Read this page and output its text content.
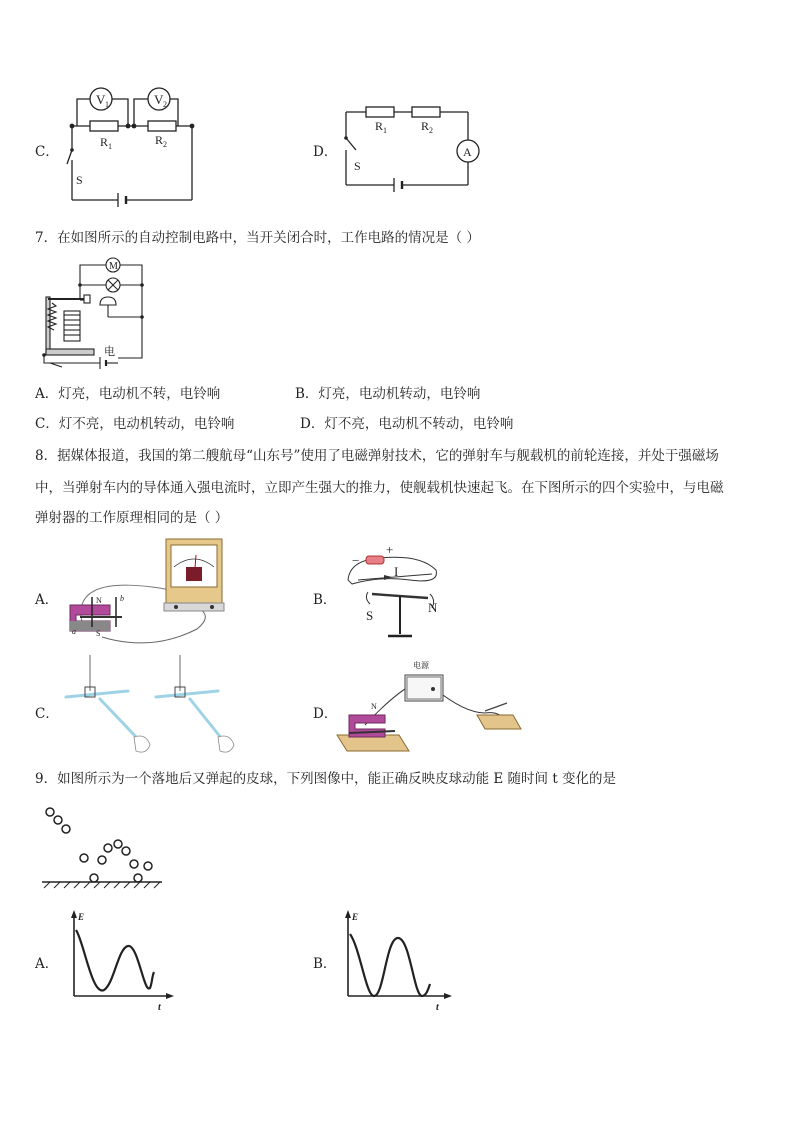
C．
V 1	V 2
R 1	R 2
S
D．
R 1	R 2
A
S
7．在如图所示的自动控制电路中，当开关闭合时，工作电路的情况是（ ）
M
电
A．灯亮，电动机不转，电铃响	B．灯亮，电动机转动，电铃响
C．灯不亮，电动机转动，电铃响	D．灯不亮，电动机不转动，电铃响
8．据媒体报道，我国的第二艘航母“山东号”使用了电磁弹射技术，它的弹射车与舰载机的前轮连接，并处于强磁场
中，当弹射车内的导体通入强电流时，立即产生强大的推力，使舰载机快速起飞。在下图所示的四个实验中，与电磁
弹射器的工作原理相同的是（ ）
A．	N
S
a
b	B．
−
+
I
S
N
C．	D．	N
电源
9．如图所示为一个落地后又弹起的皮球，下列图像中，能正确反映皮球动能 E 随时间 t 变化的是
A．
E
t
B．
E
t
